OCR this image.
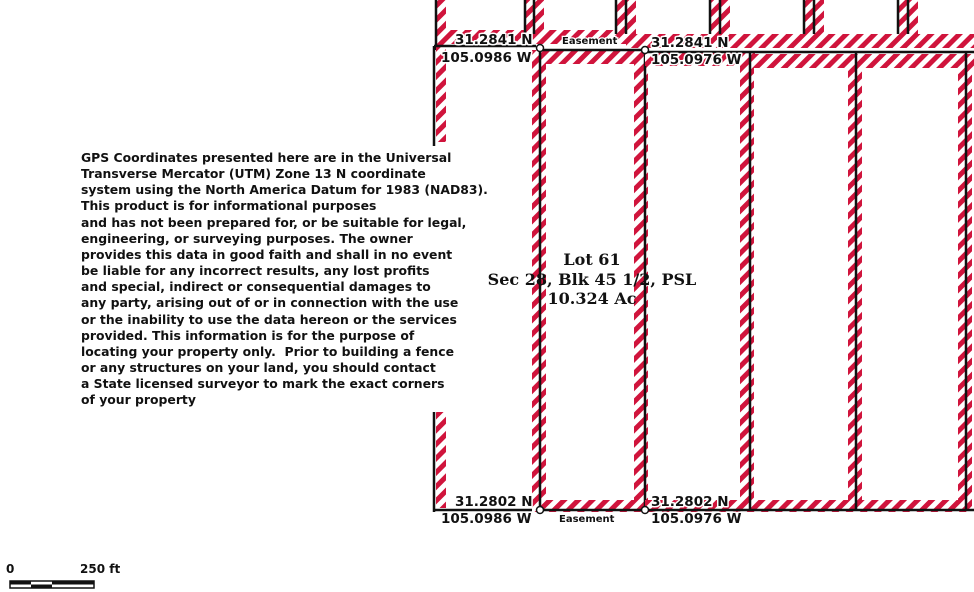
Easement
Easement
31.2841 N
105.0986 W
31.2841 N
105.0976 W
31.2802 N
105.0986 W
31.2802 N
105.0976 W
0	250 ft
GPS Coordinates presented here are in the Universal
Transverse Mercator (UTM) Zone 13 N coordinate
system using the North America Datum for 1983 (NAD83).
This product is for informational purposes
and has not been prepared for, or be suitable for legal,
engineering, or surveying purposes. The owner
provides this data in good faith and shall in no event
be liable for any incorrect results, any lost profits
and special, indirect or consequential damages to
any party, arising out of or in connection with the use
or the inability to use the data hereon or the services
provided. This information is for the purpose of
locating your property only.  Prior to building a fence
or any structures on your land, you should contact
a State licensed surveyor to mark the exact corners
of your property
Lot 61
Sec 28, Blk 45 1/2, PSL
10.324 Ac
